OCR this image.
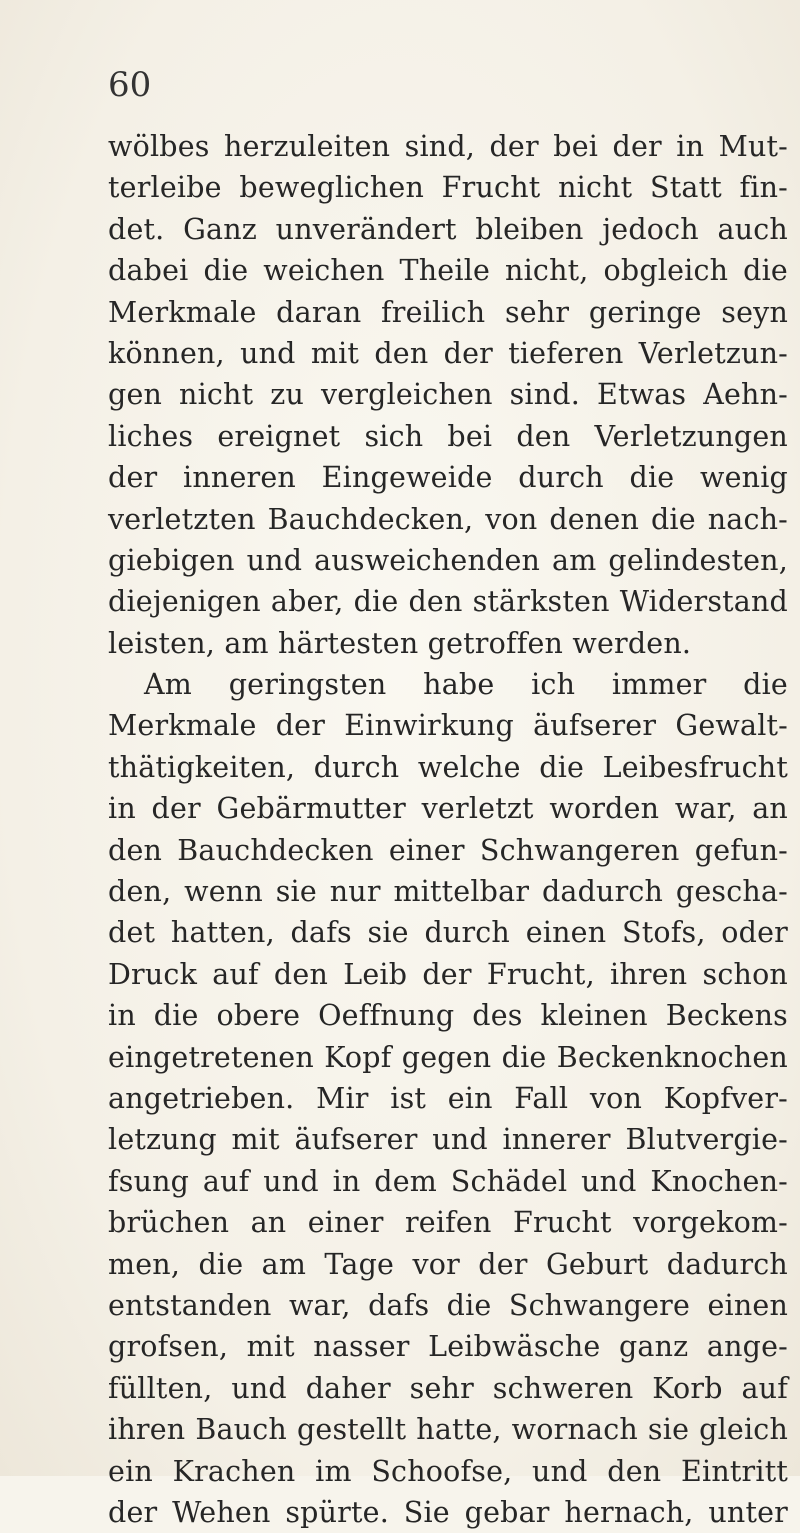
60
wölbes herzuleiten sind, der bei der in Mut-
terleibe beweglichen Frucht nicht Statt fin-
det. Ganz unverändert bleiben jedoch auch
dabei die weichen Theile nicht, obgleich die
Merkmale daran freilich sehr geringe seyn
können, und mit den der tieferen Verletzun-
gen nicht zu vergleichen sind. Etwas Aehn-
liches ereignet sich bei den Verletzungen
der inneren Eingeweide durch die wenig
verletzten Bauchdecken, von denen die nach-
giebigen und ausweichenden am gelindesten,
diejenigen aber, die den stärksten Widerstand
leisten, am härtesten getroffen werden.
Am geringsten habe ich immer die
Merkmale der Einwirkung äufserer Gewalt-
thätigkeiten, durch welche die Leibesfrucht
in der Gebärmutter verletzt worden war, an
den Bauchdecken einer Schwangeren gefun-
den, wenn sie nur mittelbar dadurch gescha-
det hatten, dafs sie durch einen Stofs, oder
Druck auf den Leib der Frucht, ihren schon
in die obere Oeffnung des kleinen Beckens
eingetretenen Kopf gegen die Beckenknochen
angetrieben. Mir ist ein Fall von Kopfver-
letzung mit äufserer und innerer Blutvergie-
fsung auf und in dem Schädel und Knochen-
brüchen an einer reifen Frucht vorgekom-
men, die am Tage vor der Geburt dadurch
entstanden war, dafs die Schwangere einen
grofsen, mit nasser Leibwäsche ganz ange-
füllten, und daher sehr schweren Korb auf
ihren Bauch gestellt hatte, wornach sie gleich
ein Krachen im Schoofse, und den Eintritt
der Wehen spürte. Sie gebar hernach, unter
